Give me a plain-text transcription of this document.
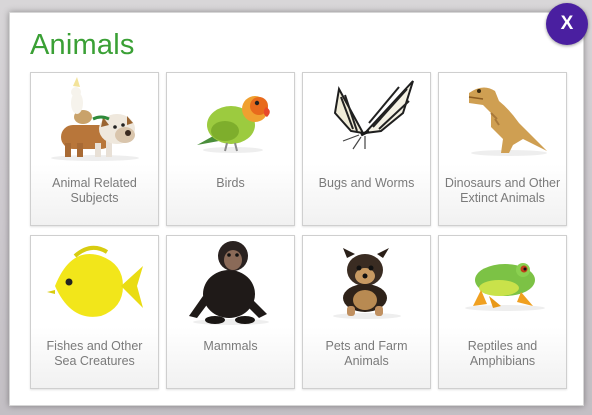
Animals
Animal Related Subjects
Birds	Bugs and Worms	Dinosaurs and Other Extinct Animals
Fishes and Other Sea Creatures
Mammals	Pets and Farm Animals
Reptiles and Amphibians
X
